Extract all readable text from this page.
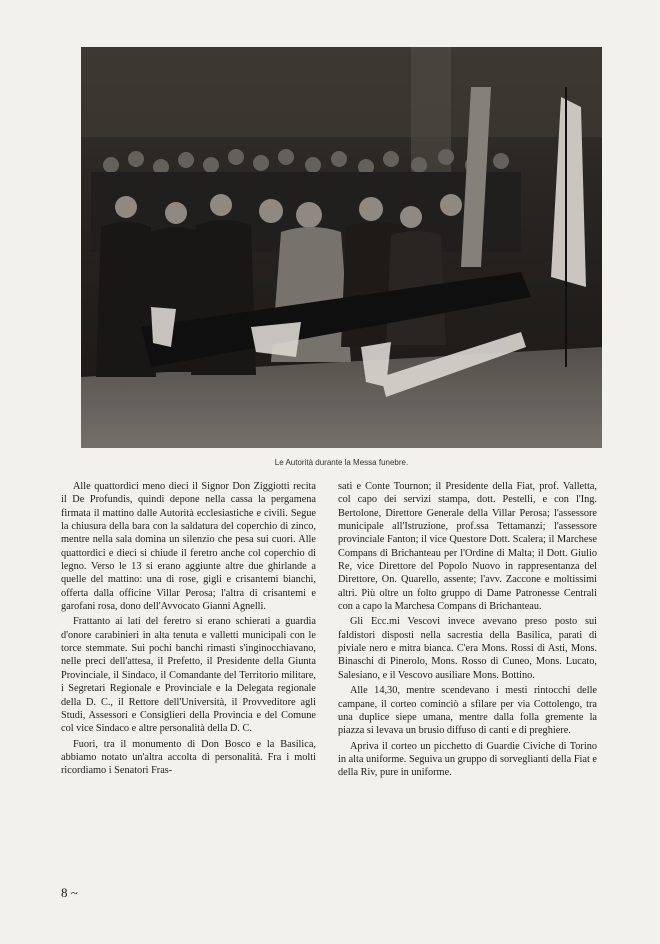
Le Autorità durante la Messa funebre.

Alle quattordici meno dieci il Signor Don Ziggiotti recita il De Profundis, quindi depone nella cassa la pergamena firmata il mattino dalle Autorità ecclesiastiche e civili. Segue la chiusura della bara con la saldatura del coperchio di zinco, mentre nella sala domina un silenzio che pesa sui cuori. Alle quattordici e dieci si chiude il feretro anche col coperchio di legno. Verso le 13 si erano aggiunte altre due ghirlande a quelle del mattino: una di rose, gigli e crisantemi bianchi, offerta dalla officine Villar Perosa; l'altra di crisantemi e garofani rosa, dono dell'Avvocato Gianni Agnelli.

Frattanto ai lati del feretro si erano schierati a guardia d'onore carabinieri in alta tenuta e valletti municipali con le torce stemmate. Sui pochi banchi rimasti s'inginocchiavano, nelle preci dell'attesa, il Prefetto, il Presidente della Giunta Provinciale, il Sindaco, il Comandante del Territorio militare, i Segretari Regionale e Provinciale e la Delegata regionale della D. C., il Rettore dell'Università, il Provveditore agli Studi, Assessori e Consiglieri della Provincia e del Comune col vice Sindaco e altre personalità della D. C.

Fuori, tra il monumento di Don Bosco e la Basilica, abbiamo notato un'altra accolta di personalità. Fra i molti ricordiamo i Senatori Fras-

sati e Conte Tournon; il Presidente della Fiat, prof. Valletta, col capo dei servizi stampa, dott. Pestelli, e con l'Ing. Bertolone, Direttore Generale della Villar Perosa; l'assessore municipale all'Istruzione, prof.ssa Tettamanzi; l'assessore provinciale Fanton; il vice Questore Dott. Scalera; il Marchese Compans di Brichanteau per l'Ordine di Malta; il Dott. Giulio Re, vice Direttore del Popolo Nuovo in rappresentanza del Direttore, On. Quarello, assente; l'avv. Zaccone e moltissimi altri. Più oltre un folto gruppo di Dame Patronesse Centrali con a capo la Marchesa Compans di Brichanteau.

Gli Ecc.mi Vescovi invece avevano preso posto sui faldistori disposti nella sacrestia della Basilica, parati di piviale nero e mitra bianca. C'era Mons. Rossi di Asti, Mons. Binaschi di Pinerolo, Mons. Rosso di Cuneo, Mons. Lucato, Salesiano, e il Vescovo ausiliare Mons. Bottino.

Alle 14,30, mentre scendevano i mesti rintocchi delle campane, il corteo cominciò a sfilare per via Cottolengo, tra una duplice siepe umana, mentre dalla folla gremente la piazza si levava un brusio diffuso di canti e di preghiere.

Apriva il corteo un picchetto di Guardie Civiche di Torino in alta uniforme. Seguiva un gruppo di sorveglianti della Fiat e della Riv, pure in uniforme.

8 ~
